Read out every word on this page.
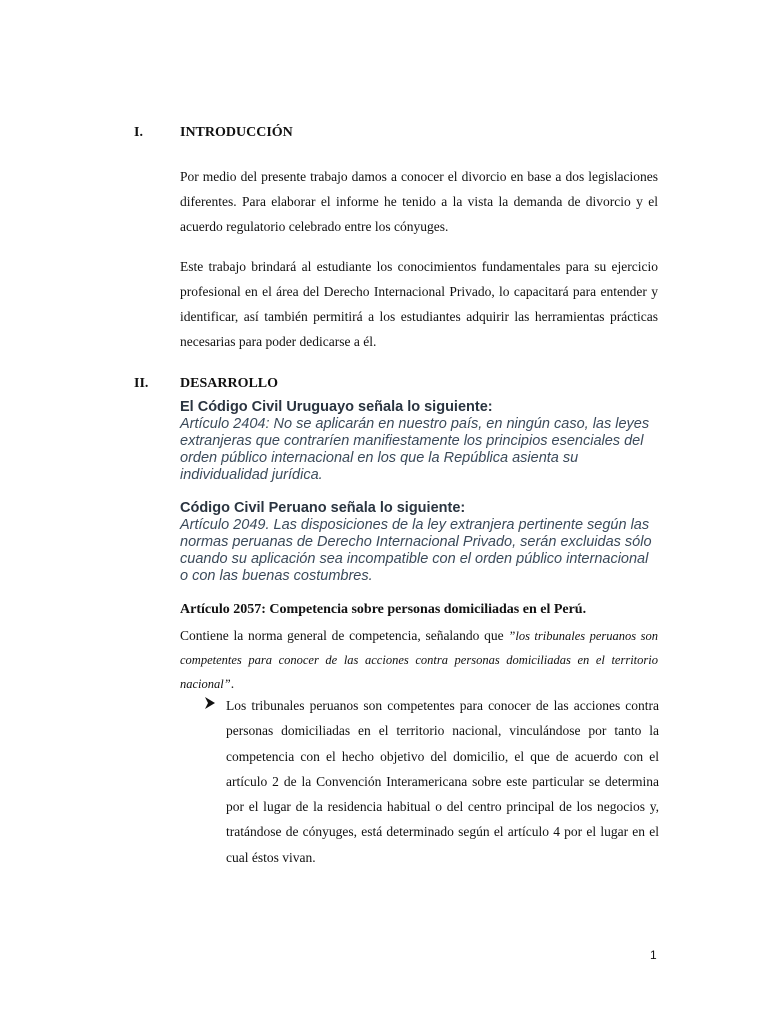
I.	INTRODUCCIÓN

Por medio del presente trabajo damos a conocer el divorcio en base a dos legislaciones diferentes. Para elaborar el informe he tenido a la vista la demanda de divorcio y el acuerdo regulatorio celebrado entre los cónyuges.

Este trabajo brindará al estudiante los conocimientos fundamentales para su ejercicio profesional en el área del Derecho Internacional Privado, lo capacitará para entender y identificar, así también permitirá a los estudiantes adquirir las herramientas prácticas necesarias para poder dedicarse a él.

II. DESARROLLO
El Código Civil Uruguayo señala lo siguiente:
Artículo 2404: No se aplicarán en nuestro país, en ningún caso, las leyes extranjeras que contraríen manifiestamente los principios esenciales del orden público internacional en los que la República asienta su individualidad jurídica.
Código Civil Peruano señala lo siguiente:
Artículo 2049. Las disposiciones de la ley extranjera pertinente según las normas peruanas de Derecho Internacional Privado, serán excluidas sólo cuando su aplicación sea incompatible con el orden público internacional o con las buenas costumbres.
Artículo 2057: Competencia sobre personas domiciliadas en el Perú.

Contiene la norma general de competencia, señalando que ”los tribunales peruanos son competentes para conocer de las acciones contra personas domiciliadas en el territorio nacional”.

Los tribunales peruanos son competentes para conocer de las acciones contra personas domiciliadas en el territorio nacional, vinculándose por tanto la competencia con el hecho objetivo del domicilio, el que de acuerdo con el artículo 2 de la Convención Interamericana sobre este particular se determina por el lugar de la residencia habitual o del centro principal de los negocios y, tratándose de cónyuges, está determinado según el artículo 4 por el lugar en el cual éstos vivan.

1
